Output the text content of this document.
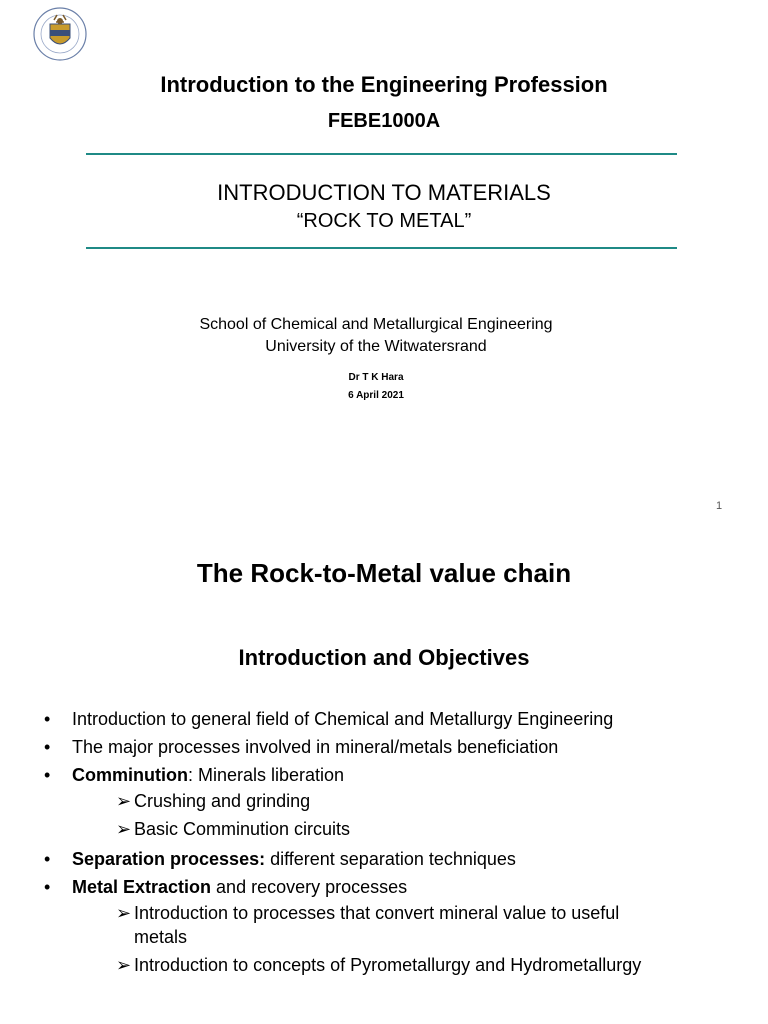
Introduction to the Engineering Profession
FEBE1000A
INTRODUCTION TO MATERIALS
“ROCK TO METAL”
School of Chemical and Metallurgical Engineering
University of the Witwatersrand
Dr T K Hara
6 April 2021
1
The Rock-to-Metal value chain
Introduction and Objectives
• Introduction to general field of Chemical and Metallurgy Engineering
• The major processes involved in mineral/metals beneficiation
• Comminution: Minerals liberation
➢ Crushing and grinding
➢ Basic Comminution circuits
• Separation processes: different separation techniques
• Metal Extraction and recovery processes
➢ Introduction to processes that convert mineral value to useful metals
➢ Introduction to concepts of Pyrometallurgy and Hydrometallurgy
